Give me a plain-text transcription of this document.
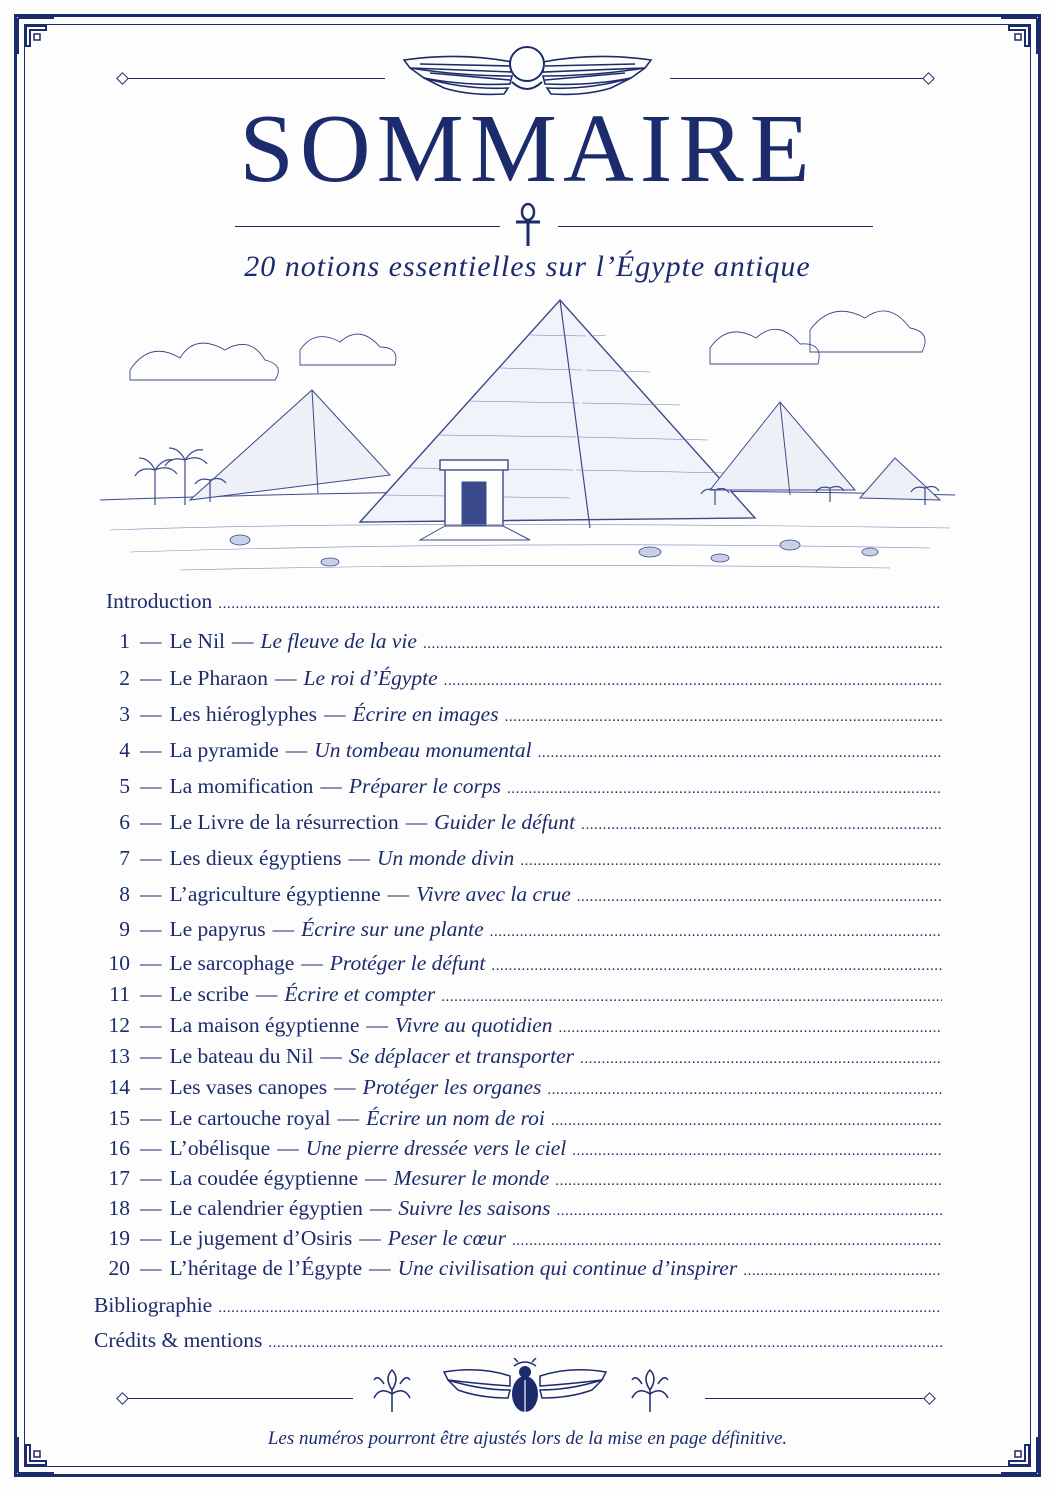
SOMMAIRE
20 notions essentielles sur l’Égypte antique
Introduction
. . .
1 — Le Nil — Le fleuve de la vie
. . .
2 — Le Pharaon — Le roi d’Égypte
. . .
3 — Les hiéroglyphes — Écrire en images
. . .
4 — La pyramide — Un tombeau monumental
. . .
5 — La momification — Préparer le corps
. . .
6 — Le Livre de la résurrection — Guider le défunt
. . .
7 — Les dieux égyptiens — Un monde divin
. . .
8 — L’agriculture égyptienne — Vivre avec la crue
. . .
9 — Le papyrus — Écrire sur une plante
. . .
10 — Le sarcophage — Protéger le défunt
. . .
11 — Le scribe — Écrire et compter
. . .
12 — La maison égyptienne — Vivre au quotidien
. . .
13 — Le bateau du Nil — Se déplacer et transporter
. . .
14 — Les vases canopes — Protéger les organes
. . .
15 — Le cartouche royal — Écrire un nom de roi
. . .
16 — L’obélisque — Une pierre dressée vers le ciel
. . .
17 — La coudée égyptienne — Mesurer le monde
. . .
18 — Le calendrier égyptien — Suivre les saisons
. . .
19 — Le jugement d’Osiris — Peser le cœur
. . .
20 — L’héritage de l’Égypte — Une civilisation qui continue d’inspirer
. . .
Bibliographie
. . .
Crédits & mentions
. . .
Les numéros pourront être ajustés lors de la mise en page définitive.
